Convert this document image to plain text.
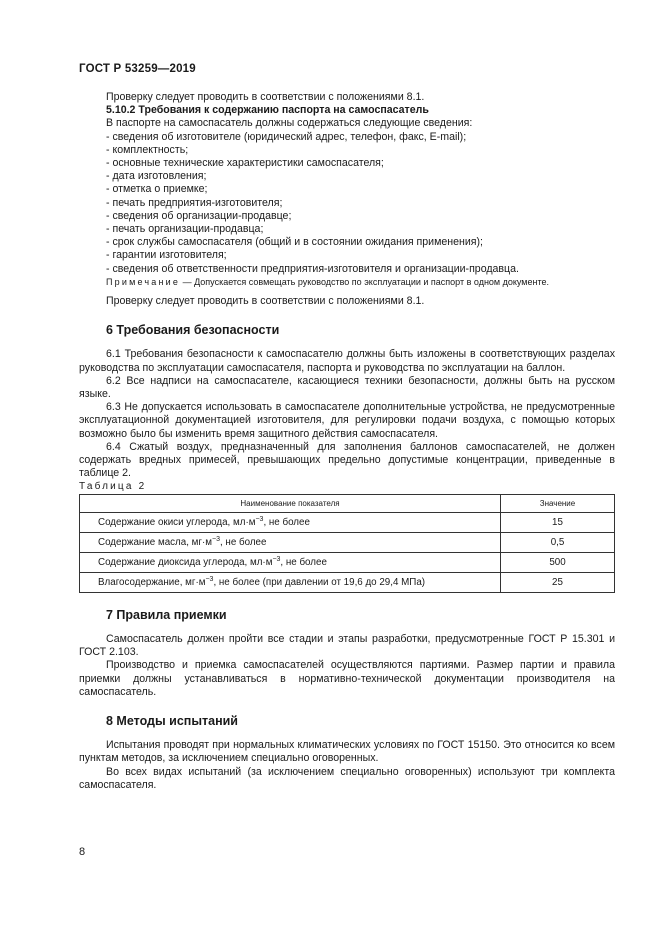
ГОСТ Р 53259—2019

Проверку следует проводить в соответствии с положениями 8.1.

5.10.2 Требования к содержанию паспорта на самоспасатель

В паспорте на самоспасатель должны содержаться следующие сведения:

- сведения об изготовителе (юридический адрес, телефон, факс, E-mail);

- комплектность;

- основные технические характеристики самоспасателя;

- дата изготовления;

- отметка о приемке;

- печать предприятия-изготовителя;

- сведения об организации-продавце;

- печать организации-продавца;

- срок службы самоспасателя (общий и в состоянии ожидания применения);

- гарантии изготовителя;

- сведения об ответственности предприятия-изготовителя и организации-продавца.

Примечание — Допускается совмещать руководство по эксплуатации и паспорт в одном документе.

Проверку следует проводить в соответствии с положениями 8.1.

6 Требования безопасности

6.1 Требования безопасности к самоспасателю должны быть изложены в соответствующих разделах руководства по эксплуатации самоспасателя, паспорта и руководства по эксплуатации на баллон.

6.2 Все надписи на самоспасателе, касающиеся техники безопасности, должны быть на русском языке.

6.3 Не допускается использовать в самоспасателе дополнительные устройства, не предусмотренные эксплуатационной документацией изготовителя, для регулировки подачи воздуха, с помощью которых возможно было бы изменить время защитного действия самоспасателя.

6.4 Сжатый воздух, предназначенный для заполнения баллонов самоспасателей, не должен содержать вредных примесей, превышающих предельно допустимые концентрации, приведенные в таблице 2.

Таблица 2

Наименование показателя	Значение
Содержание окиси углерода, $мл\cdot м^{-3}$, не более	15
Содержание масла, $мг\cdot м^{-3}$, не более	0,5
Содержание диоксида углерода, $мл\cdot м^{-3}$, не более	500
Влагосодержание, $мг\cdot м^{-3}$, не более (при давлении от 19,6 до 29,4 МПа)	25
7 Правила приемки

Самоспасатель должен пройти все стадии и этапы разработки, предусмотренные ГОСТ Р 15.301 и ГОСТ 2.103.

Производство и приемка самоспасателей осуществляются партиями. Размер партии и правила приемки должны устанавливаться в нормативно-технической документации производителя на самоспасатель.

8 Методы испытаний

Испытания проводят при нормальных климатических условиях по ГОСТ 15150. Это относится ко всем пунктам методов, за исключением специально оговоренных.

Во всех видах испытаний (за исключением специально оговоренных) используют три комплекта самоспасателя.

8
